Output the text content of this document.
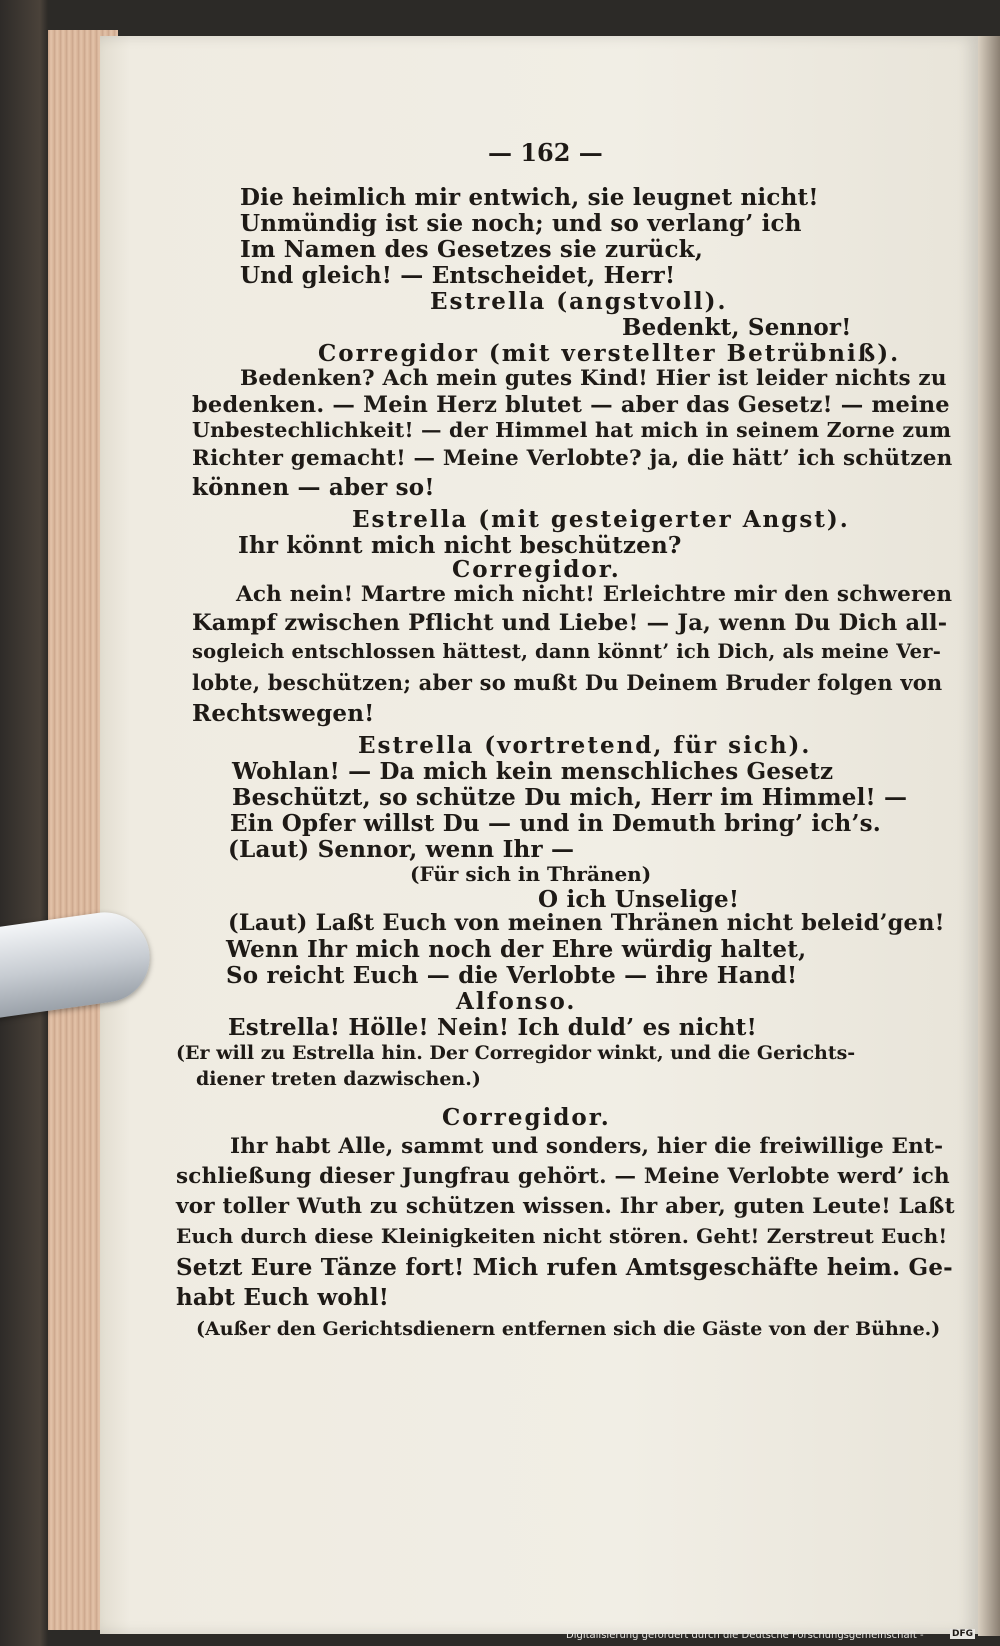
— 162 —
Die heimlich mir entwich, sie leugnet nicht!
Unmündig ist sie noch; und so verlang’ ich
Im Namen des Gesetzes sie zurück,
Und gleich! — Entscheidet, Herr!
Estrella (angstvoll).
Bedenkt, Sennor!
Corregidor (mit verstellter Betrübniß).
Bedenken? Ach mein gutes Kind! Hier ist leider nichts zu
bedenken. — Mein Herz blutet — aber das Gesetz! — meine
Unbestechlichkeit! — der Himmel hat mich in seinem Zorne zum
Richter gemacht! — Meine Verlobte? ja, die hätt’ ich schützen
können — aber so!
Estrella (mit gesteigerter Angst).
Ihr könnt mich nicht beschützen?
Corregidor.
Ach nein! Martre mich nicht! Erleichtre mir den schweren
Kampf zwischen Pflicht und Liebe! — Ja, wenn Du Dich all-
sogleich entschlossen hättest, dann könnt’ ich Dich, als meine Ver-
lobte, beschützen; aber so mußt Du Deinem Bruder folgen von
Rechtswegen!
Estrella (vortretend, für sich).
Wohlan! — Da mich kein menschliches Gesetz
Beschützt, so schütze Du mich, Herr im Himmel! —
Ein Opfer willst Du — und in Demuth bring’ ich’s.
(Laut) Sennor, wenn Ihr —
(Für sich in Thränen)
O ich Unselige!
(Laut) Laßt Euch von meinen Thränen nicht beleid’gen!
Wenn Ihr mich noch der Ehre würdig haltet,
So reicht Euch — die Verlobte — ihre Hand!
Alfonso.
Estrella! Hölle! Nein! Ich duld’ es nicht!
(Er will zu Estrella hin. Der Corregidor winkt, und die Gerichts-
diener treten dazwischen.)
Corregidor.
Ihr habt Alle, sammt und sonders, hier die freiwillige Ent-
schließung dieser Jungfrau gehört. — Meine Verlobte werd’ ich
vor toller Wuth zu schützen wissen. Ihr aber, guten Leute! Laßt
Euch durch diese Kleinigkeiten nicht stören. Geht! Zerstreut Euch!
Setzt Eure Tänze fort! Mich rufen Amtsgeschäfte heim. Ge-
habt Euch wohl!
(Außer den Gerichtsdienern entfernen sich die Gäste von der Bühne.)
Digitalisierung gefördert durch die Deutsche Forschungsgemeinschaft -	DFG
